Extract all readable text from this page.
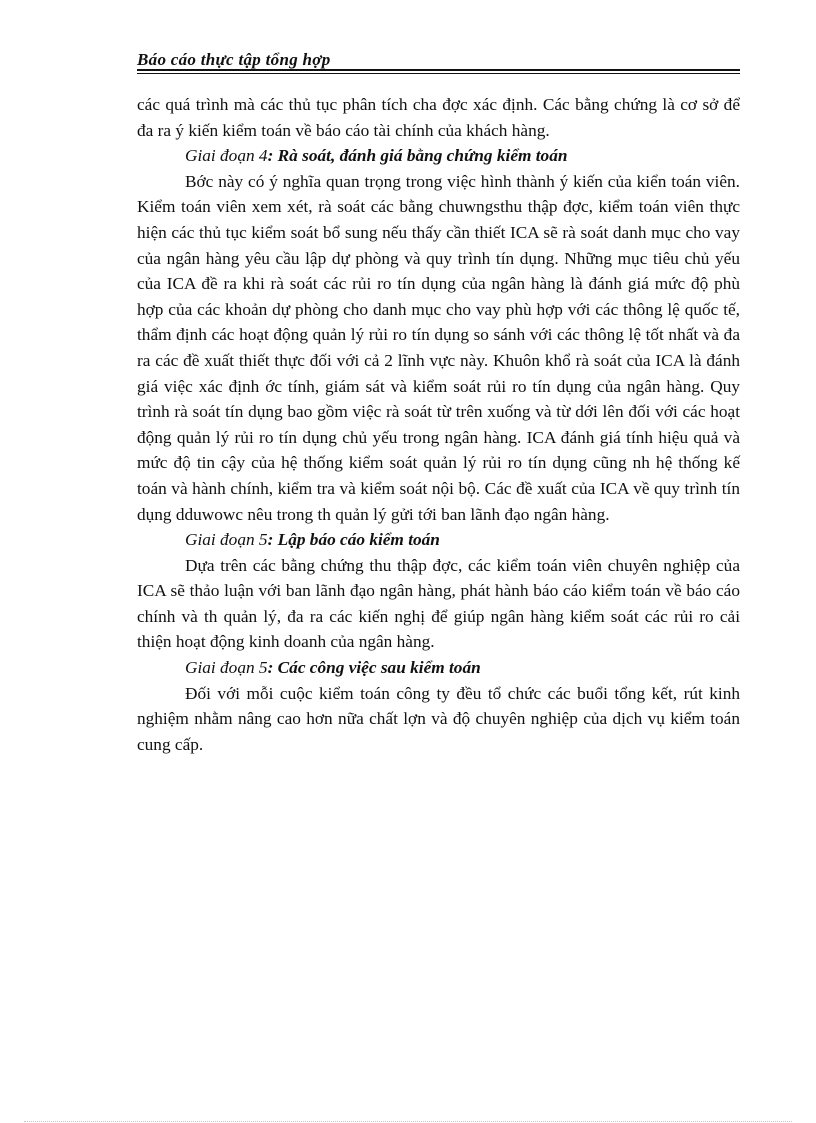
Báo cáo thực tập tổng hợp

các quá trình mà các thủ tục phân tích cha đợc xác định. Các bằng chứng là cơ sở để đa ra ý kiến kiểm toán về báo cáo tài chính của khách hàng.

Giai đoạn 4: Rà soát, đánh giá bằng chứng kiểm toán

Bớc này có ý nghĩa quan trọng trong việc hình thành ý kiến của kiển toán viên. Kiểm toán viên xem xét, rà soát các bằng chuwngsthu thập đợc, kiểm toán viên thực hiện các thủ tục kiểm soát bổ sung nếu thấy cần thiết ICA sẽ rà soát danh mục cho vay của ngân hàng yêu cầu lập dự phòng và quy trình tín dụng. Những mục tiêu chủ yếu của ICA đề ra khi rà soát các rủi ro tín dụng của ngân hàng là đánh giá mức độ phù hợp của các khoản dự phòng cho danh mục cho vay phù hợp với các thông lệ quốc tế, thẩm định các hoạt động quản lý rủi ro tín dụng so sánh với các thông lệ tốt nhất và đa ra các đề xuất thiết thực đối với cả 2 lĩnh vực này. Khuôn khổ rà soát của ICA là đánh giá việc xác định ớc tính, giám sát và kiểm soát rủi ro tín dụng của ngân hàng. Quy trình rà soát tín dụng bao gồm việc rà soát từ trên xuống và từ dới lên đối với các hoạt động quản lý rủi ro tín dụng chủ yếu trong ngân hàng. ICA đánh giá tính hiệu quả và mức độ tin cậy của hệ thống kiểm soát quản lý rủi ro tín dụng cũng nh hệ thống kế toán và hành chính, kiểm tra và kiểm soát nội bộ. Các đề xuất của ICA về quy trình tín dụng dduwowc nêu trong th quản lý gửi tới ban lãnh đạo ngân hàng.

Giai đoạn 5: Lập báo cáo kiểm toán

Dựa trên các bằng chứng thu thập đợc, các kiểm toán viên chuyên nghiệp của ICA sẽ thảo luận với ban lãnh đạo ngân hàng, phát hành báo cáo kiểm toán về báo cáo chính và th quản lý, đa ra các kiến nghị để giúp ngân hàng kiểm soát các rủi ro cải thiện hoạt động kinh doanh của ngân hàng.

Giai đoạn 5: Các công việc sau kiểm toán

Đối với mỗi cuộc kiểm toán công ty đều tổ chức các buổi tổng kết, rút kinh nghiệm nhằm nâng cao hơn nữa chất lợn và độ chuyên nghiệp của dịch vụ kiểm toán cung cấp.
